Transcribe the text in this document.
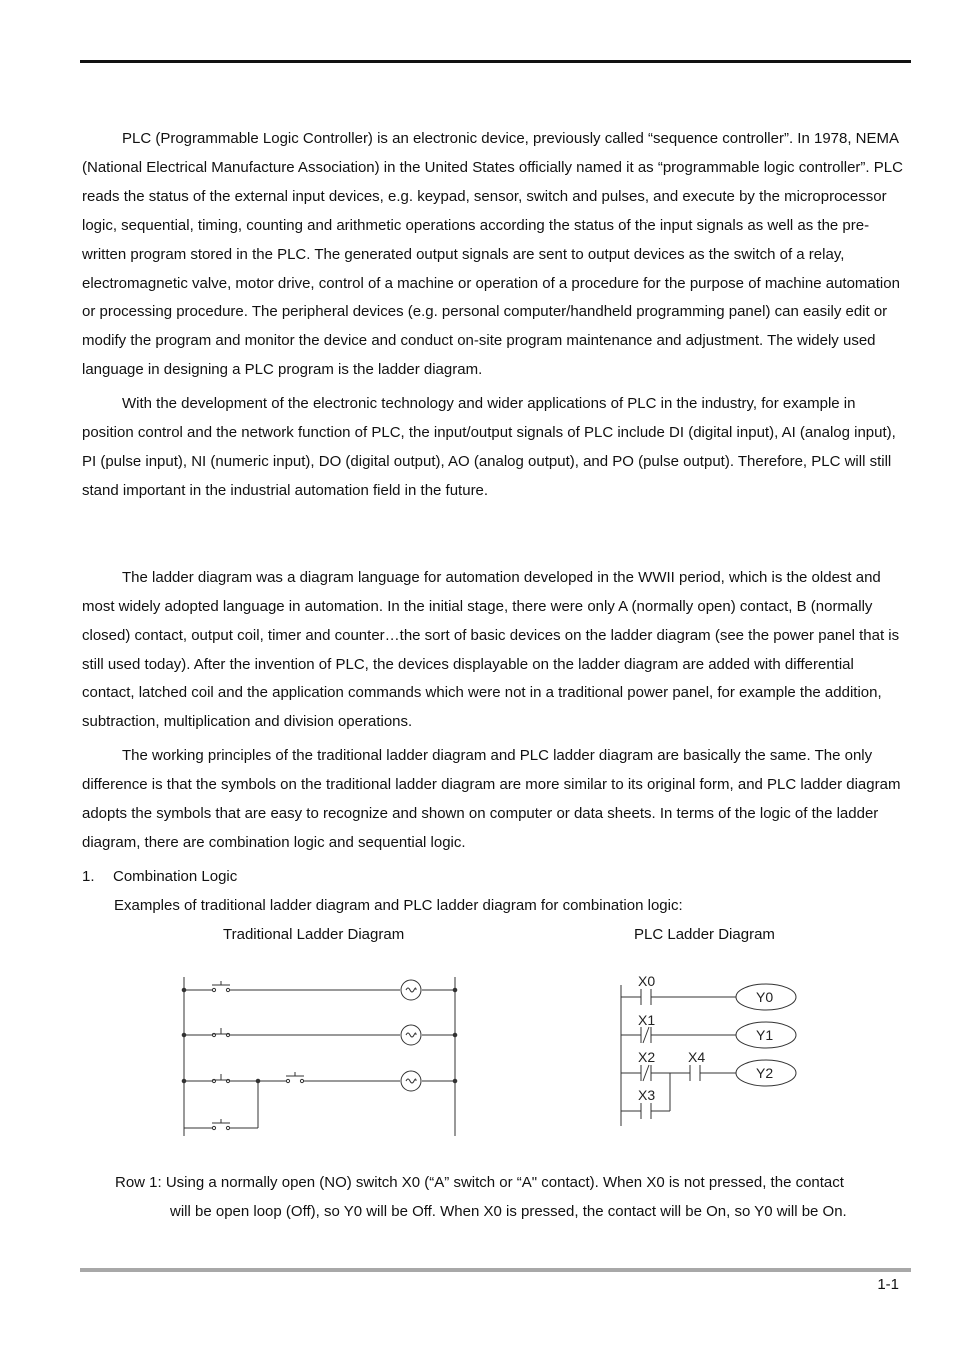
PLC (Programmable Logic Controller) is an electronic device, previously called “sequence controller”. In 1978, NEMA (National Electrical Manufacture Association) in the United States officially named it as “programmable logic controller”. PLC reads the status of the external input devices, e.g. keypad, sensor, switch and pulses, and execute by the microprocessor logic, sequential, timing, counting and arithmetic operations according the status of the input signals as well as the pre-written program stored in the PLC. The generated output signals are sent to output devices as the switch of a relay, electromagnetic valve, motor drive, control of a machine or operation of a procedure for the purpose of machine automation or processing procedure. The peripheral devices (e.g. personal computer/handheld programming panel) can easily edit or modify the program and monitor the device and conduct on-site program maintenance and adjustment. The widely used language in designing a PLC program is the ladder diagram.

With the development of the electronic technology and wider applications of PLC in the industry, for example in position control and the network function of PLC, the input/output signals of PLC include DI (digital input), AI (analog input), PI (pulse input), NI (numeric input), DO (digital output), AO (analog output), and PO (pulse output). Therefore, PLC will still stand important in the industrial automation field in the future.

The ladder diagram was a diagram language for automation developed in the WWII period, which is the oldest and most widely adopted language in automation. In the initial stage, there were only A (normally open) contact, B (normally closed) contact, output coil, timer and counter…the sort of basic devices on the ladder diagram (see the power panel that is still used today). After the invention of PLC, the devices displayable on the ladder diagram are added with differential contact, latched coil and the application commands which were not in a traditional power panel, for example the addition, subtraction, multiplication and division operations.

The working principles of the traditional ladder diagram and PLC ladder diagram are basically the same. The only difference is that the symbols on the traditional ladder diagram are more similar to its original form, and PLC ladder diagram adopts the symbols that are easy to recognize and shown on computer or data sheets. In terms of the logic of the ladder diagram, there are combination logic and sequential logic.

1. Combination Logic
Examples of traditional ladder diagram and PLC ladder diagram for combination logic:
Traditional Ladder Diagram	PLC Ladder Diagram
X0
X1
X2
X3
X4
Y0
Y1
Y2
Row 1: Using a normally open (NO) switch X0 (“A” switch or “A" contact). When X0 is not pressed, the contact
will be open loop (Off), so Y0 will be Off. When X0 is pressed, the contact will be On, so Y0 will be On.
1-1
